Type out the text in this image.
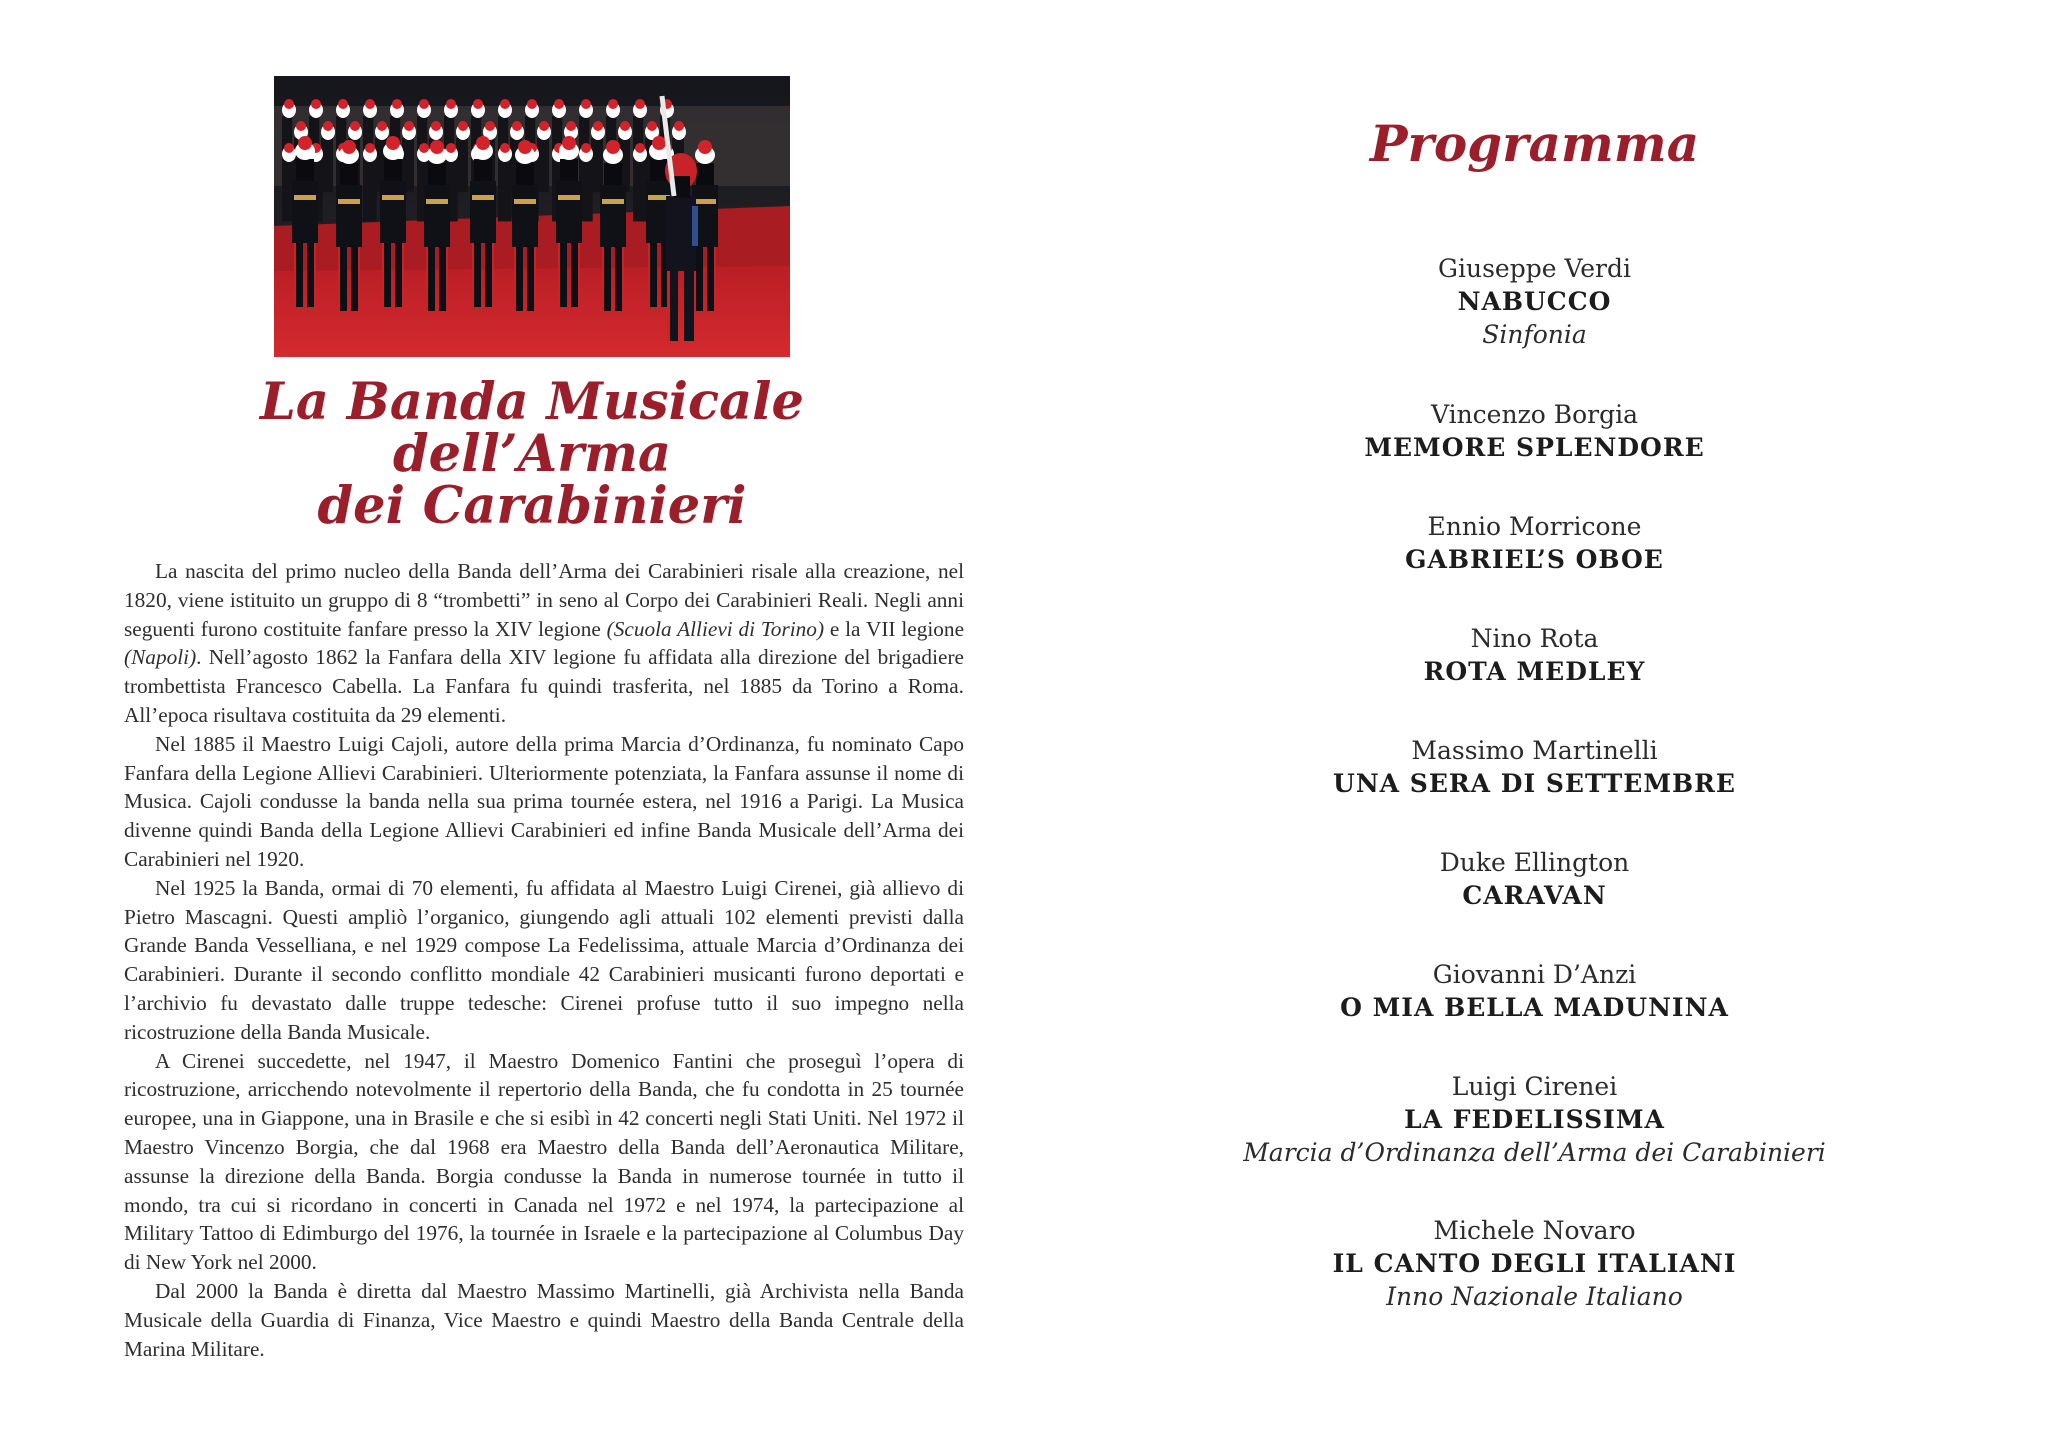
La Banda Musicale
dell’Arma
dei Carabinieri

La nascita del primo nucleo della Banda dell’Arma dei Carabinieri risale alla creazione, nel 1820, viene istituito un gruppo di 8 “trombetti” in seno al Corpo dei Carabinieri Reali. Negli anni seguenti furono costituite fanfare presso la XIV legione (Scuola Allievi di Torino) e la VII legione (Napoli). Nell’agosto 1862 la Fanfara della XIV legione fu affidata alla direzione del brigadiere trombettista Francesco Cabella. La Fanfara fu quindi trasferita, nel 1885 da Torino a Roma. All’epoca risultava costituita da 29 elementi.

Nel 1885 il Maestro Luigi Cajoli, autore della prima Marcia d’Ordinanza, fu nominato Capo Fanfara della Legione Allievi Carabinieri. Ulteriormente potenziata, la Fanfara assunse il nome di Musica. Cajoli condusse la banda nella sua prima tournée estera, nel 1916 a Parigi. La Musica divenne quindi Banda della Legione Allievi Carabinieri ed infine Banda Musicale dell’Arma dei Carabinieri nel 1920.

Nel 1925 la Banda, ormai di 70 elementi, fu affidata al Maestro Luigi Cirenei, già allievo di Pietro Mascagni. Questi ampliò l’organico, giungendo agli attuali 102 elementi previsti dalla Grande Banda Vesselliana, e nel 1929 compose La Fedelissima, attuale Marcia d’Ordinanza dei Carabinieri. Durante il secondo conflitto mondiale 42 Carabinieri musicanti furono deportati e l’archivio fu devastato dalle truppe tedesche: Cirenei profuse tutto il suo impegno nella ricostruzione della Banda Musicale.

A Cirenei succedette, nel 1947, il Maestro Domenico Fantini che proseguì l’opera di ricostruzione, arricchendo notevolmente il repertorio della Banda, che fu condotta in 25 tournée europee, una in Giappone, una in Brasile e che si esibì in 42 concerti negli Stati Uniti. Nel 1972 il Maestro Vincenzo Borgia, che dal 1968 era Maestro della Banda dell’Aeronautica Militare, assunse la direzione della Banda. Borgia condusse la Banda in numerose tournée in tutto il mondo, tra cui si ricordano in concerti in Canada nel 1972 e nel 1974, la partecipazione al Military Tattoo di Edimburgo del 1976, la tournée in Israele e la partecipazione al Columbus Day di New York nel 2000.

Dal 2000 la Banda è diretta dal Maestro Massimo Martinelli, già Archivista nella Banda Musicale della Guardia di Finanza, Vice Maestro e quindi Maestro della Banda Centrale della Marina Militare.

Programma
Giuseppe Verdi
NABUCCO
Sinfonia
Vincenzo Borgia
MEMORE SPLENDORE
Ennio Morricone
GABRIEL’S OBOE
Nino Rota
ROTA MEDLEY
Massimo Martinelli
UNA SERA DI SETTEMBRE
Duke Ellington
CARAVAN
Giovanni D’Anzi
O MIA BELLA MADUNINA
Luigi Cirenei
LA FEDELISSIMA
Marcia d’Ordinanza dell’Arma dei Carabinieri
Michele Novaro
IL CANTO DEGLI ITALIANI
Inno Nazionale Italiano
